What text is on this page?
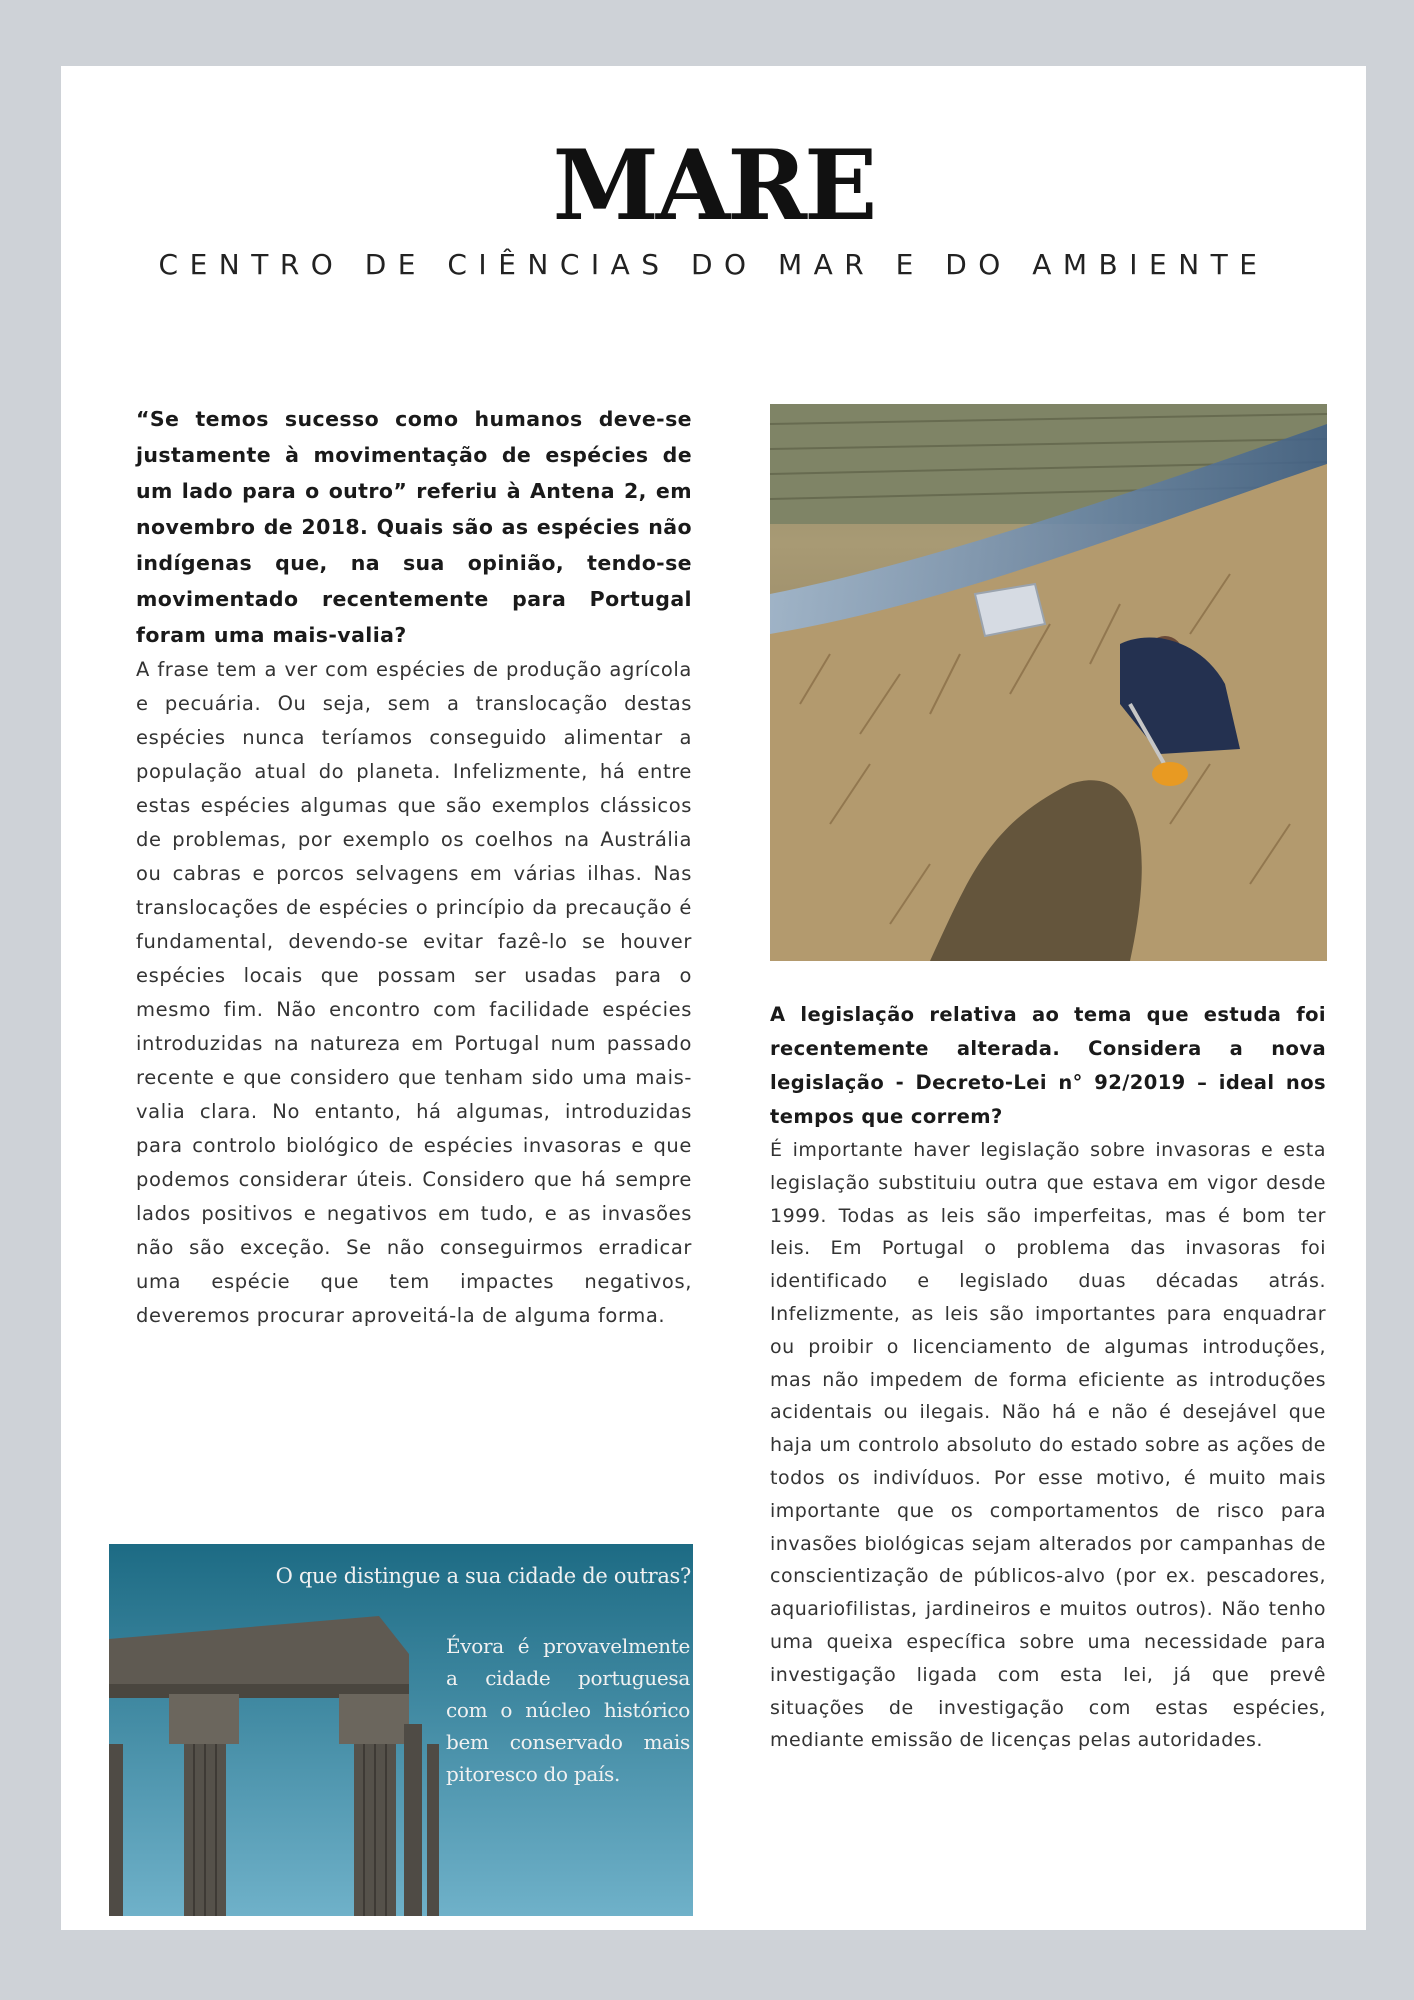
MARE
CENTRO DE CIÊNCIAS DO MAR E DO AMBIENTE

“Se temos sucesso como humanos deve-se justamente à movimentação de espécies de um lado para o outro” referiu à Antena 2, em novembro de 2018. Quais são as espécies não indígenas que, na sua opinião, tendo-se movimentado recentemente para Portugal foram uma mais-valia?

A frase tem a ver com espécies de produção agrícola e pecuária. Ou seja, sem a translocação destas espécies nunca teríamos conseguido alimentar a população atual do planeta. Infelizmente, há entre estas espécies algumas que são exemplos clássicos de problemas, por exemplo os coelhos na Austrália ou cabras e porcos selvagens em várias ilhas. Nas translocações de espécies o princípio da precaução é fundamental, devendo-se evitar fazê-lo se houver espécies locais que possam ser usadas para o mesmo fim. Não encontro com facilidade espécies introduzidas na natureza em Portugal num passado recente e que considero que tenham sido uma mais-valia clara. No entanto, há algumas, introduzidas para controlo biológico de espécies invasoras e que podemos considerar úteis. Considero que há sempre lados positivos e negativos em tudo, e as invasões não são exceção. Se não conseguirmos erradicar uma espécie que tem impactes negativos, deveremos procurar aproveitá-la de alguma forma.

A legislação relativa ao tema que estuda foi recentemente alterada. Considera a nova legislação - Decreto-Lei n° 92/2019 – ideal nos tempos que correm?

É importante haver legislação sobre invasoras e esta legislação substituiu outra que estava em vigor desde 1999. Todas as leis são imperfeitas, mas é bom ter leis. Em Portugal o problema das invasoras foi identificado e legislado duas décadas atrás. Infelizmente, as leis são importantes para enquadrar ou proibir o licenciamento de algumas introduções, mas não impedem de forma eficiente as introduções acidentais ou ilegais. Não há e não é desejável que haja um controlo absoluto do estado sobre as ações de todos os indivíduos. Por esse motivo, é muito mais importante que os comportamentos de risco para invasões biológicas sejam alterados por campanhas de conscientização de públicos-alvo (por ex. pescadores, aquariofilistas, jardineiros e muitos outros). Não tenho uma queixa específica sobre uma necessidade para investigação ligada com esta lei, já que prevê situações de investigação com estas espécies, mediante emissão de licenças pelas autoridades.

O que distingue a sua cidade de outras?
Évora é provavelmente a cidade portuguesa com o núcleo histórico bem conservado mais pitoresco do país.
